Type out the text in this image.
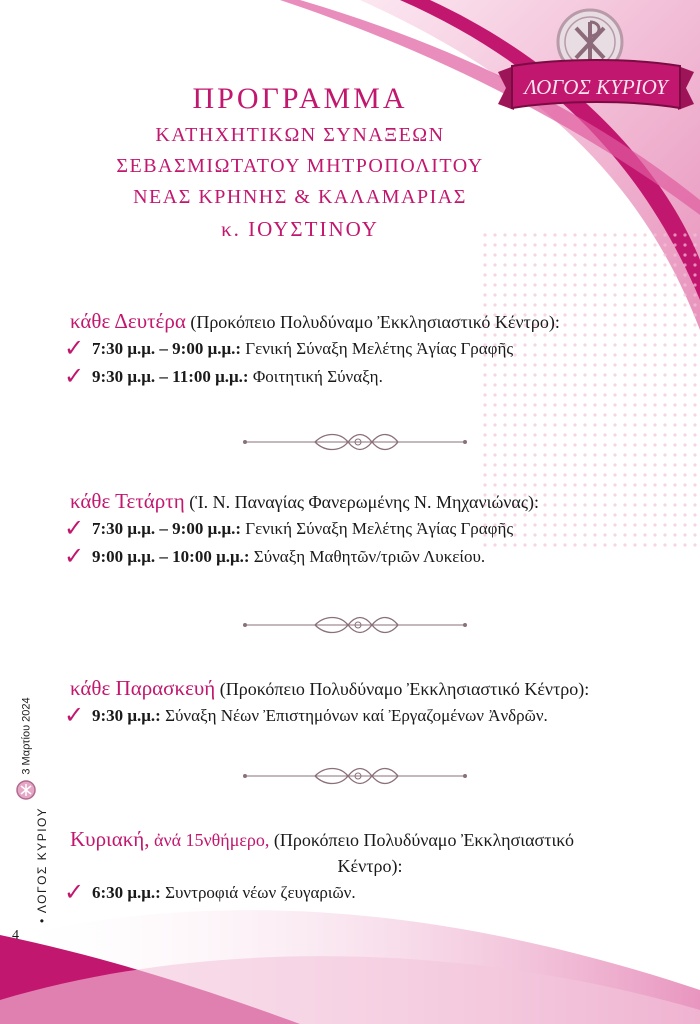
ΛΟΓΟΣ ΚΥΡΙΟΥ
ΠΡΟΓΡΑΜΜΑ
ΚΑΤΗΧΗΤΙΚΩΝ ΣΥΝΑΞΕΩΝ
ΣΕΒΑΣΜΙΩΤΑΤΟΥ ΜΗΤΡΟΠΟΛΙΤΟΥ
ΝΕΑΣ ΚΡΗΝΗΣ & ΚΑΛΑΜΑΡΙΑΣ
κ. ΙΟΥΣΤΙΝΟΥ
κάθε Δευτέρα (Προκόπειο Πολυδύναμο Ἐκκλησιαστικό Κέντρο):
✓ 7:30 μ.μ. – 9:00 μ.μ.: Γενική Σύναξη Μελέτης Ἁγίας Γραφῆς
✓ 9:30 μ.μ. – 11:00 μ.μ.: Φοιτητική Σύναξη.
κάθε Τετάρτη (Ἱ. Ν. Παναγίας Φανερωμένης Ν. Μηχανιώνας):
✓ 7:30 μ.μ. – 9:00 μ.μ.: Γενική Σύναξη Μελέτης Ἁγίας Γραφῆς
✓ 9:00 μ.μ. – 10:00 μ.μ.: Σύναξη Μαθητῶν/τριῶν Λυκείου.
κάθε Παρασκευή (Προκόπειο Πολυδύναμο Ἐκκλησιαστικό Κέντρο):
✓ 9:30 μ.μ.: Σύναξη Νέων Ἐπιστημόνων καί Ἐργαζομένων Ἀνδρῶν.
Κυριακή, ἀνά 15νθήμερο, (Προκόπειο Πολυδύναμο Ἐκκλησιαστικό
Κέντρο):
✓ 6:30 μ.μ.: Συντροφιά νέων ζευγαριῶν.
3 Μαρτίου 2024
• ΛΟΓΟΣ ΚΥΡΙΟΥ
4
